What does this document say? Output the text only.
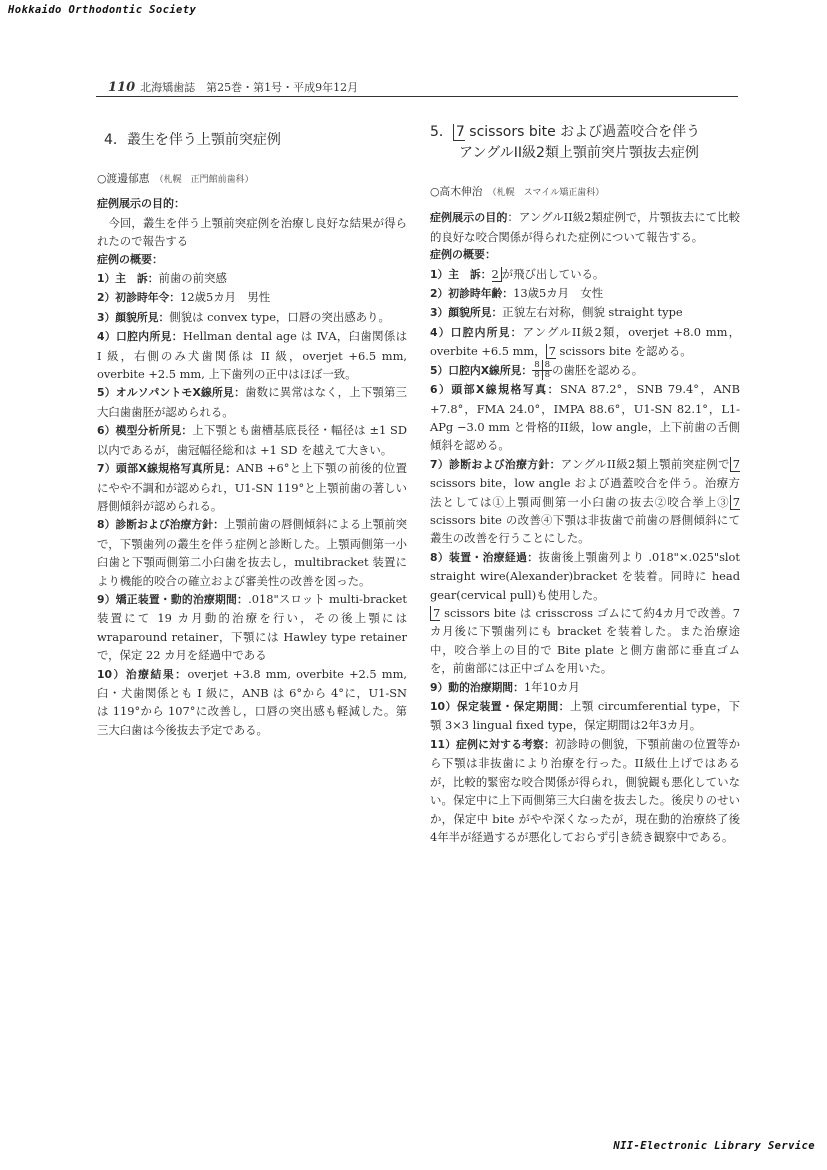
Hokkaido Orthodontic Society
110 北海矯歯誌　第25巻・第1号・平成9年12月
4．叢生を伴う上顎前突症例
○渡邊郁恵 （札幌　正門館前歯科）
症例展示の目的：

今回，叢生を伴う上顎前突症例を治療し良好な結果が得られたので報告する

症例の概要：

1）主　訴：前歯の前突感

2）初診時年令：12歳5カ月　男性

3）顔貌所見：側貌は convex type，口唇の突出感あり。

4）口腔内所見：Hellman dental age は ⅣA，臼歯関係は I 級，右側のみ犬歯関係は II 級，overjet +6.5 mm, overbite +2.5 mm, 上下歯列の正中はほぼ一致。

5）オルソパントモX線所見：歯数に異常はなく，上下顎第三大臼歯歯胚が認められる。

6）模型分析所見：上下顎とも歯槽基底長径・幅径は ±1 SD 以内であるが，歯冠幅径総和は +1 SD を越えて大きい。

7）頭部X線規格写真所見：ANB +6°と上下顎の前後的位置にやや不調和が認められ，U1-SN 119°と上顎前歯の著しい唇側傾斜が認められる。

8）診断および治療方針：上顎前歯の唇側傾斜による上顎前突で，下顎歯列の叢生を伴う症例と診断した。上顎両側第一小臼歯と下顎両側第二小臼歯を抜去し，multibracket 装置により機能的咬合の確立および審美性の改善を図った。

9）矯正装置・動的治療期間：.018"スロット multi-bracket 装置にて 19 カ月動的治療を行い，その後上顎には wraparound retainer，下顎には Hawley type retainer で，保定 22 カ月を経過中である

10）治療結果：overjet +3.8 mm, overbite +2.5 mm, 臼・犬歯関係とも I 級に，ANB は 6°から 4°に，U1-SN は 119°から 107°に改善し，口唇の突出感も軽減した。第三大臼歯は今後抜去予定である。

5． 7 scissors bite および過蓋咬合を伴う
アングルII級2類上顎前突片顎抜去症例
○高木伸治 （札幌　スマイル矯正歯科）

症例展示の目的：アングルII級2類症例で，片顎抜去にて比較的良好な咬合関係が得られた症例について報告する。

症例の概要：

1）主　訴：2 が飛び出している。

2）初診時年齢：13歳5カ月　女性

3）顔貌所見：正貌左右対称，側貌 straight type

4）口腔内所見：アングルII級2類，overjet +8.0 mm，overbite +6.5 mm， 7 scissors bite を認める。

5）口腔内X線所見： $\frac{8 8}{8 8}$ の歯胚を認める。

6）頭部X線規格写真：SNA 87.2°，SNB 79.4°，ANB +7.8°，FMA 24.0°，IMPA 88.6°，U1-SN 82.1°，L1-APg −3.0 mm と骨格的II級，low angle，上下前歯の舌側傾斜を認める。

7）診断および治療方針：アングルII級2類上顎前突症例で 7 scissors bite，low angle および過蓋咬合を伴う。治療方法としては①上顎両側第一小臼歯の抜去②咬合挙上③ 7 scissors bite の改善④下顎は非抜歯で前歯の唇側傾斜にて叢生の改善を行うことにした。

8）装置・治療経過：抜歯後上顎歯列より .018"×.025"slot straight wire(Alexander)bracket を装着。同時に head gear(cervical pull)も使用した。
7 scissors bite は crisscross ゴムにて約4カ月で改善。7カ月後に下顎歯列にも bracket を装着した。また治療途中，咬合挙上の目的で Bite plate と側方歯部に垂直ゴムを，前歯部には正中ゴムを用いた。

9）動的治療期間：1年10カ月

10）保定装置・保定期間：上顎 circumferential type，下顎 3×3 lingual fixed type，保定期間は2年3カ月。

11）症例に対する考察：初診時の側貌，下顎前歯の位置等から下顎は非抜歯により治療を行った。II級仕上げではあるが，比較的緊密な咬合関係が得られ，側貌観も悪化していない。保定中に上下両側第三大臼歯を抜去した。後戻りのせいか，保定中 bite がやや深くなったが，現在動的治療終了後4年半が経過するが悪化しておらず引き続き観察中である。

NII-Electronic Library Service
